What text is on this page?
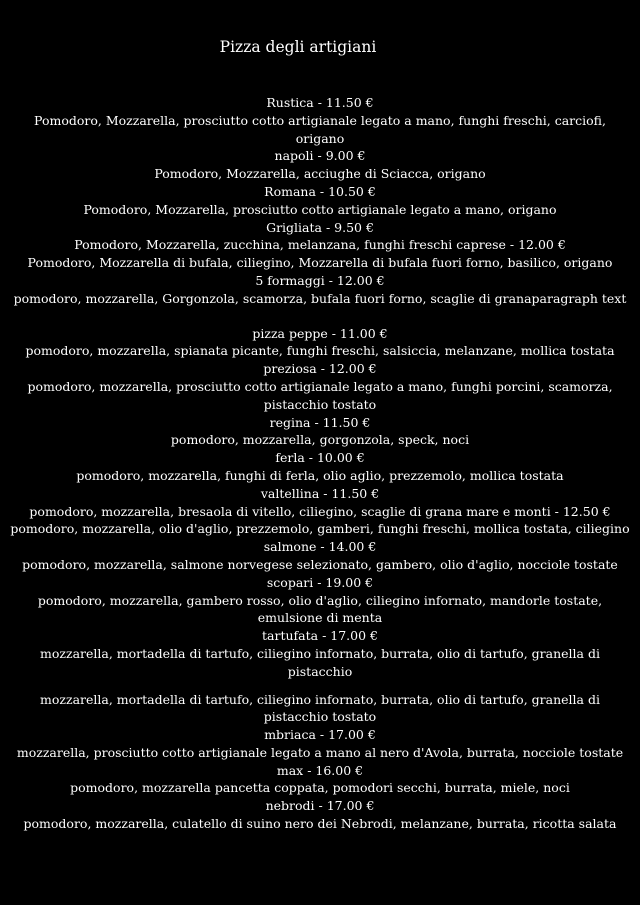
Pizza degli artigiani
Rustica - 11.50 €
Pomodoro, Mozzarella, prosciutto cotto artigianale legato a mano, funghi freschi, carciofi, origano
napoli - 9.00 €
Pomodoro, Mozzarella, acciughe di Sciacca, origano
Romana - 10.50 €
Pomodoro, Mozzarella, prosciutto cotto artigianale legato a mano, origano
Grigliata - 9.50 €
Pomodoro, Mozzarella, zucchina, melanzana, funghi freschi caprese - 12.00 €
Pomodoro, Mozzarella di bufala, ciliegino, Mozzarella di bufala fuori forno, basilico, origano
5 formaggi - 12.00 €
pomodoro, mozzarella, Gorgonzola, scamorza, bufala fuori forno, scaglie di granaparagraph text
pizza peppe - 11.00 €
pomodoro, mozzarella, spianata picante, funghi freschi, salsiccia, melanzane, mollica tostata
preziosa - 12.00 €
pomodoro, mozzarella, prosciutto cotto artigianale legato a mano, funghi porcini, scamorza, pistacchio tostato
regina - 11.50 €
pomodoro, mozzarella, gorgonzola, speck, noci
ferla - 10.00 €
pomodoro, mozzarella, funghi di ferla, olio aglio, prezzemolo, mollica tostata
valtellina - 11.50 €
pomodoro, mozzarella, bresaola di vitello, ciliegino, scaglie di grana mare e monti - 12.50 €
pomodoro, mozzarella, olio d'aglio, prezzemolo, gamberi, funghi freschi, mollica tostata, ciliegino
salmone - 14.00 €
pomodoro, mozzarella, salmone norvegese selezionato, gambero, olio d'aglio, nocciole tostate scopari - 19.00 €
pomodoro, mozzarella, gambero rosso, olio d'aglio, ciliegino infornato, mandorle tostate, emulsione di menta
tartufata - 17.00 €
mozzarella, mortadella di tartufo, ciliegino infornato, burrata, olio di tartufo, granella di pistacchio
mozzarella, mortadella di tartufo, ciliegino infornato, burrata, olio di tartufo, granella di pistacchio tostato
mbriaca - 17.00 €
mozzarella, prosciutto cotto artigianale legato a mano al nero d'Avola, burrata, nocciole tostate max - 16.00 €
pomodoro, mozzarella pancetta coppata, pomodori secchi, burrata, miele, noci
nebrodi - 17.00 €
pomodoro, mozzarella, culatello di suino nero dei Nebrodi, melanzane, burrata, ricotta salata
